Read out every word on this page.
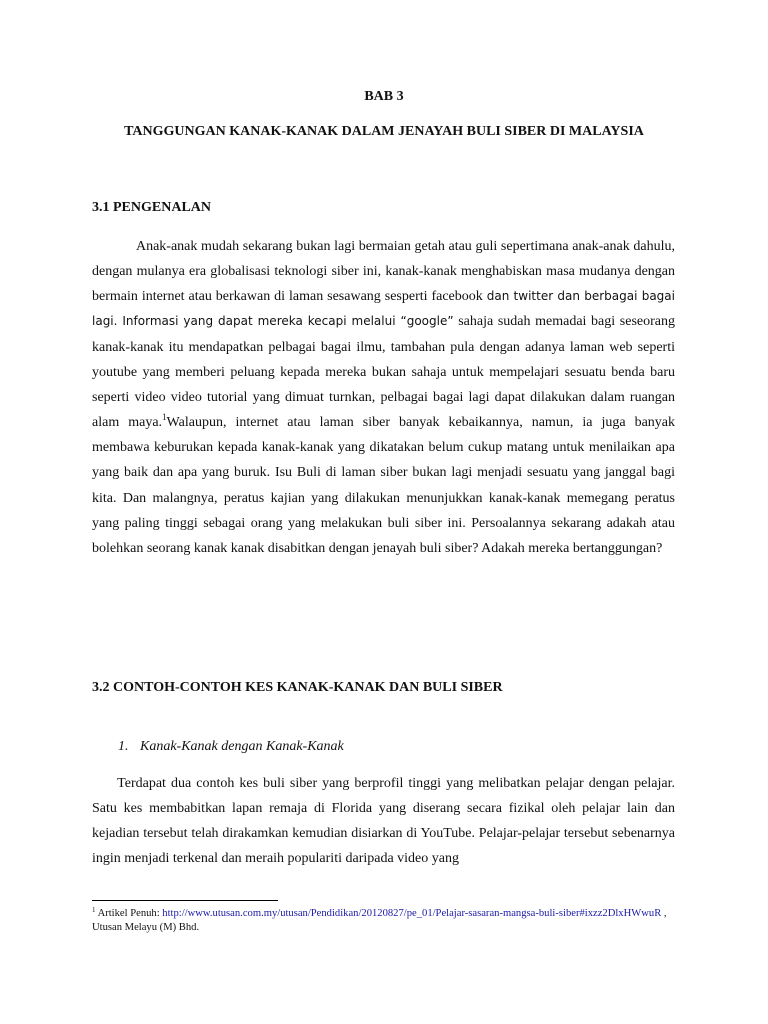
BAB 3
TANGGUNGAN KANAK-KANAK DALAM JENAYAH BULI SIBER DI MALAYSIA
3.1 PENGENALAN

Anak-anak mudah sekarang bukan lagi bermaian getah atau guli sepertimana anak-anak dahulu, dengan mulanya era globalisasi teknologi siber ini, kanak-kanak menghabiskan masa mudanya dengan bermain internet atau berkawan di laman sesawang sesperti facebook dan twitter dan berbagai bagai lagi. Informasi yang dapat mereka kecapi melalui “google” sahaja sudah memadai bagi seseorang kanak-kanak itu mendapatkan pelbagai bagai ilmu, tambahan pula dengan adanya laman web seperti youtube yang memberi peluang kepada mereka bukan sahaja untuk mempelajari sesuatu benda baru seperti video video tutorial yang dimuat turnkan, pelbagai bagai lagi dapat dilakukan dalam ruangan alam maya.$^1$Walaupun, internet atau laman siber banyak kebaikannya, namun, ia juga banyak membawa keburukan kepada kanak-kanak yang dikatakan belum cukup matang untuk menilaikan apa yang baik dan apa yang buruk. Isu Buli di laman siber bukan lagi menjadi sesuatu yang janggal bagi kita. Dan malangnya, peratus kajian yang dilakukan menunjukkan kanak-kanak memegang peratus yang paling tinggi sebagai orang yang melakukan buli siber ini. Persoalannya sekarang adakah atau bolehkan seorang kanak kanak disabitkan dengan jenayah buli siber? Adakah mereka bertanggungan?

3.2 CONTOH-CONTOH KES KANAK-KANAK DAN BULI SIBER
1. Kanak-Kanak dengan Kanak-Kanak

Terdapat dua contoh kes buli siber yang berprofil tinggi yang melibatkan pelajar dengan pelajar. Satu kes membabitkan lapan remaja di Florida yang diserang secara fizikal oleh pelajar lain dan kejadian tersebut telah dirakamkan kemudian disiarkan di YouTube. Pelajar-pelajar tersebut sebenarnya ingin menjadi terkenal dan meraih populariti daripada video yang

$^1$ Artikel Penuh: http://www.utusan.com.my/utusan/Pendidikan/20120827/pe_01/Pelajar-sasaran-mangsa-buli-siber#ixzz2DlxHWwuR , Utusan Melayu (M) Bhd.
